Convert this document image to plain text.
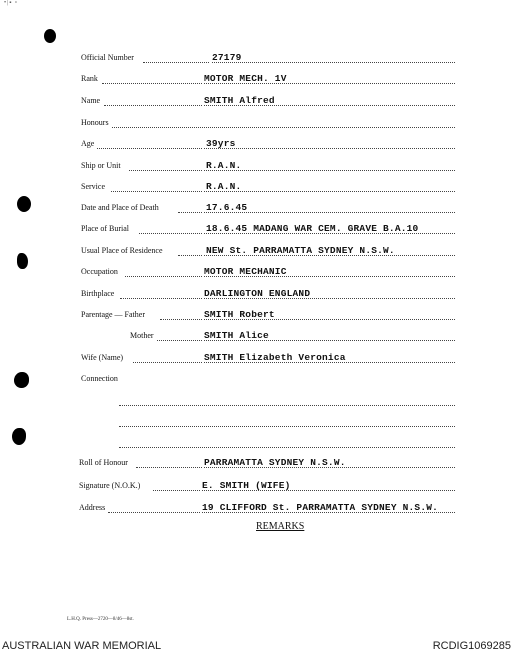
•|▪ ▫
Official Number	27179
Rank	MOTOR MECH. 1V
Name	SMITH Alfred
Honours
Age	39yrs
Ship or Unit	R.A.N.
Service	R.A.N.
Date and Place of Death	17.6.45
Place of Burial	18.6.45 MADANG WAR CEM. GRAVE B.A.10
Usual Place of Residence	NEW St. PARRAMATTA SYDNEY N.S.W.
Occupation	MOTOR MECHANIC
Birthplace	DARLINGTON ENGLAND
Parentage — Father	SMITH Robert
Mother	SMITH Alice
Wife (Name)	SMITH Elizabeth Veronica
Connection
Roll of Honour	PARRAMATTA SYDNEY N.S.W.
Signature (N.O.K.)	E. SMITH (WIFE)
Address	19 CLIFFORD St. PARRAMATTA SYDNEY N.S.W.
REMARKS
L.H.Q. Press—2720—8/46—8st.
AUSTRALIAN WAR MEMORIAL	RCDIG1069285
